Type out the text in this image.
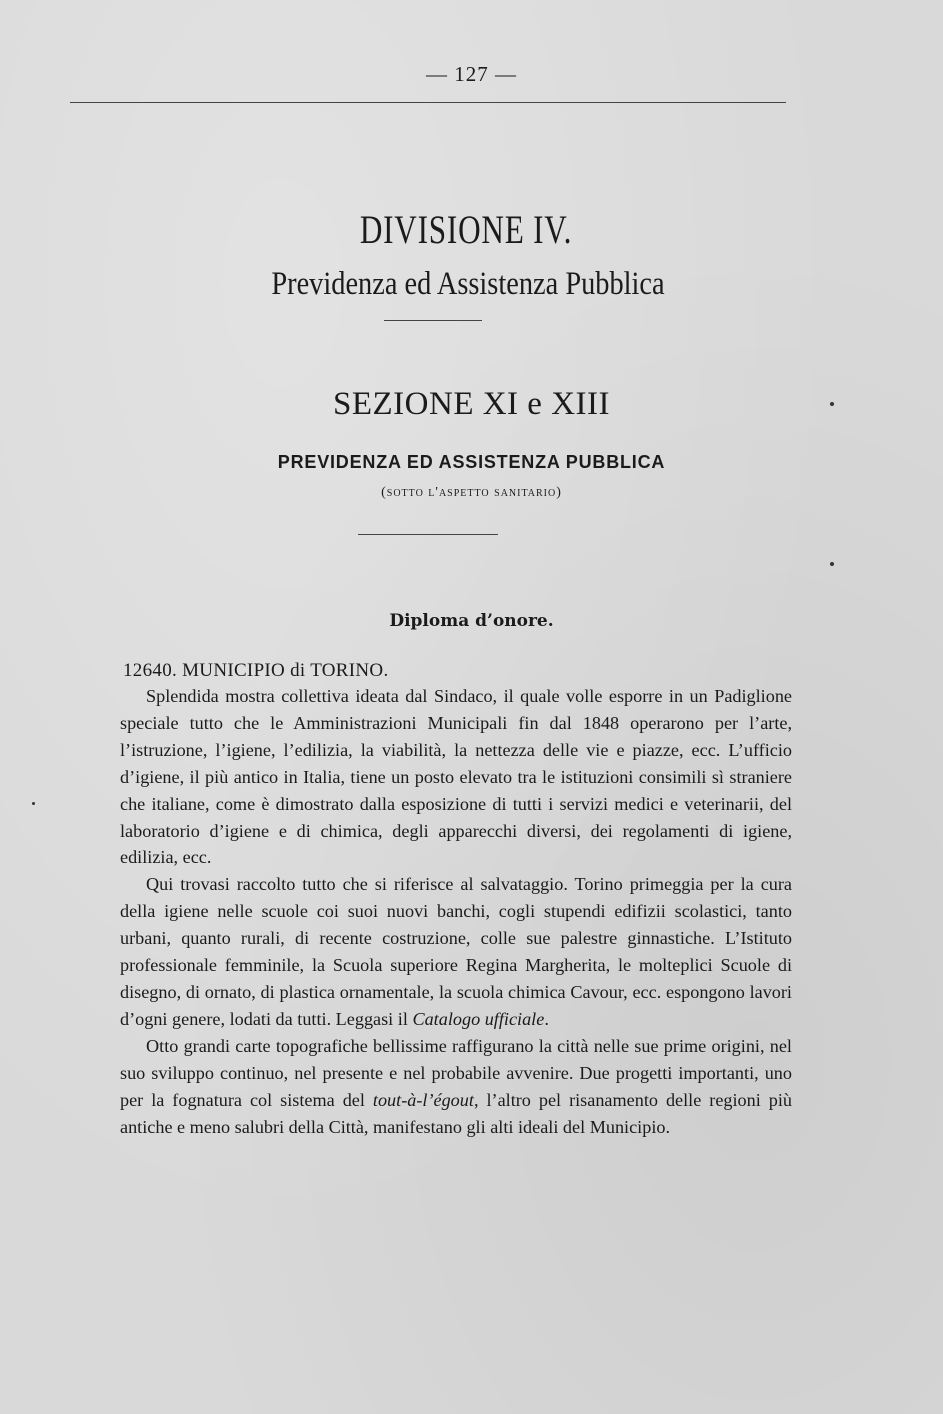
— 127 —
DIVISIONE IV.
Previdenza ed Assistenza Pubblica
SEZIONE XI e XIII
PREVIDENZA ED ASSISTENZA PUBBLICA
(sotto l'aspetto sanitario)
Diploma d’onore.
12640. MUNICIPIO di TORINO.

Splendida mostra collettiva ideata dal Sindaco, il quale volle esporre in un Padiglione speciale tutto che le Amministrazioni Municipali fin dal 1848 operarono per l’arte, l’istruzione, l’igiene, l’edilizia, la viabilità, la nettezza delle vie e piazze, ecc. L’ufficio d’igiene, il più antico in Italia, tiene un posto elevato tra le istituzioni consimili sì straniere che italiane, come è dimostrato dalla esposizione di tutti i servizi medici e veterinarii, del laboratorio d’igiene e di chimica, degli apparecchi diversi, dei regolamenti di igiene, edilizia, ecc.

Qui trovasi raccolto tutto che si riferisce al salvataggio. Torino primeggia per la cura della igiene nelle scuole coi suoi nuovi banchi, cogli stupendi edifizii scolastici, tanto urbani, quanto rurali, di recente costruzione, colle sue palestre ginnastiche. L’Istituto professionale femminile, la Scuola superiore Regina Margherita, le molteplici Scuole di disegno, di ornato, di plastica ornamentale, la scuola chimica Cavour, ecc. espongono lavori d’ogni genere, lodati da tutti. Leggasi il Catalogo ufficiale.

Otto grandi carte topografiche bellissime raffigurano la città nelle sue prime origini, nel suo sviluppo continuo, nel presente e nel probabile avvenire. Due progetti importanti, uno per la fognatura col sistema del tout-à-l’égout, l’altro pel risanamento delle regioni più antiche e meno salubri della Città, manifestano gli alti ideali del Municipio.
